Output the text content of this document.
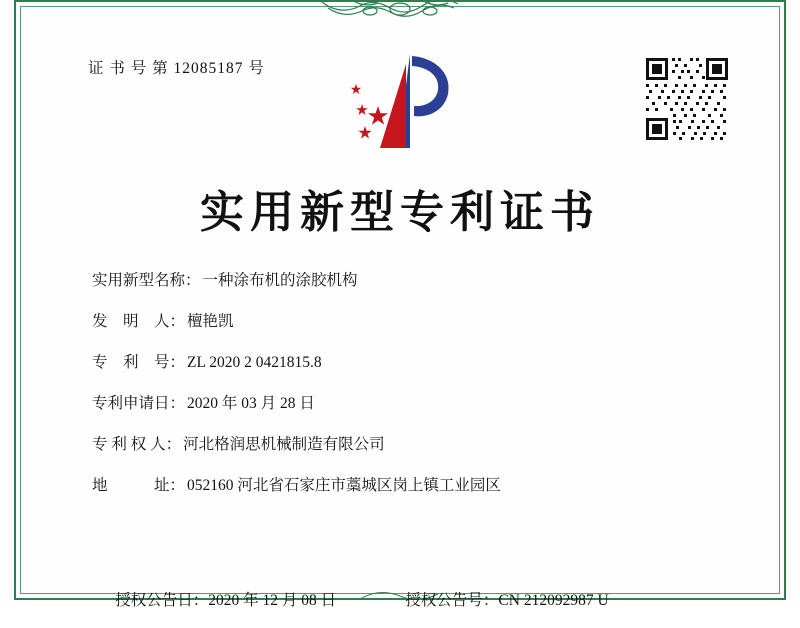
证 书 号 第 12085187 号
实用新型专利证书
实用新型名称： 一种涂布机的涂胶机构
发　明　人： 檀艳凯
专　利　号： ZL 2020 2 0421815.8
专利申请日： 2020 年 03 月 28 日
专 利 权 人： 河北格润思机械制造有限公司
地　　　址： 052160 河北省石家庄市藁城区岗上镇工业园区

授权公告日：2020 年 12 月 08 日
	授权公告号：CN 212092987 U
